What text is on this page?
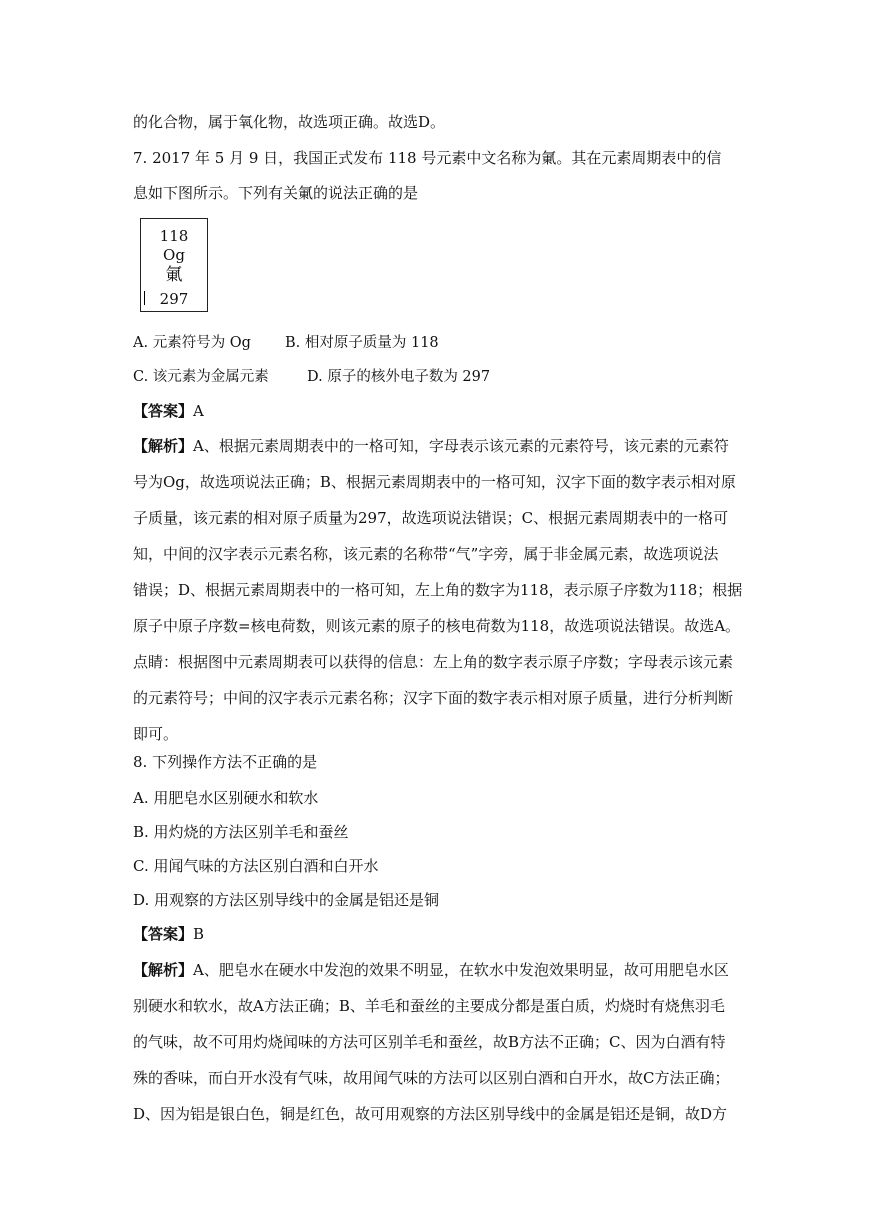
的化合物，属于氧化物，故选项正确。故选D。
7. 2017 年 5 月 9 日，我国正式发布 118 号元素中文名称为氭。其在元素周期表中的信
息如下图所示。下列有关氭的说法正确的是
118
Og
氭
297
A. 元素符号为 Og B. 相对原子质量为 118
C. 该元素为金属元素	D. 原子的核外电子数为 297
【答案】A
【解析】A、根据元素周期表中的一格可知，字母表示该元素的元素符号，该元素的元素符
号为Og，故选项说法正确；B、根据元素周期表中的一格可知，汉字下面的数字表示相对原
子质量，该元素的相对原子质量为297，故选项说法错误；C、根据元素周期表中的一格可
知，中间的汉字表示元素名称，该元素的名称带“气”字旁，属于非金属元素，故选项说法
错误；D、根据元素周期表中的一格可知，左上角的数字为118，表示原子序数为118；根据
原子中原子序数=核电荷数，则该元素的原子的核电荷数为118，故选项说法错误。故选A。
点睛：根据图中元素周期表可以获得的信息：左上角的数字表示原子序数；字母表示该元素
的元素符号；中间的汉字表示元素名称；汉字下面的数字表示相对原子质量，进行分析判断
即可。
8. 下列操作方法不正确的是
A. 用肥皂水区别硬水和软水
B. 用灼烧的方法区别羊毛和蚕丝
C. 用闻气味的方法区别白酒和白开水
D. 用观察的方法区别导线中的金属是铝还是铜
【答案】B
【解析】A、肥皂水在硬水中发泡的效果不明显，在软水中发泡效果明显，故可用肥皂水区
别硬水和软水，故A方法正确；B、羊毛和蚕丝的主要成分都是蛋白质，灼烧时有烧焦羽毛
的气味，故不可用灼烧闻味的方法可区别羊毛和蚕丝，故B方法不正确；C、因为白酒有特
殊的香味，而白开水没有气味，故用闻气味的方法可以区别白酒和白开水，故C方法正确；
D、因为铝是银白色，铜是红色，故可用观察的方法区别导线中的金属是铝还是铜，故D方
